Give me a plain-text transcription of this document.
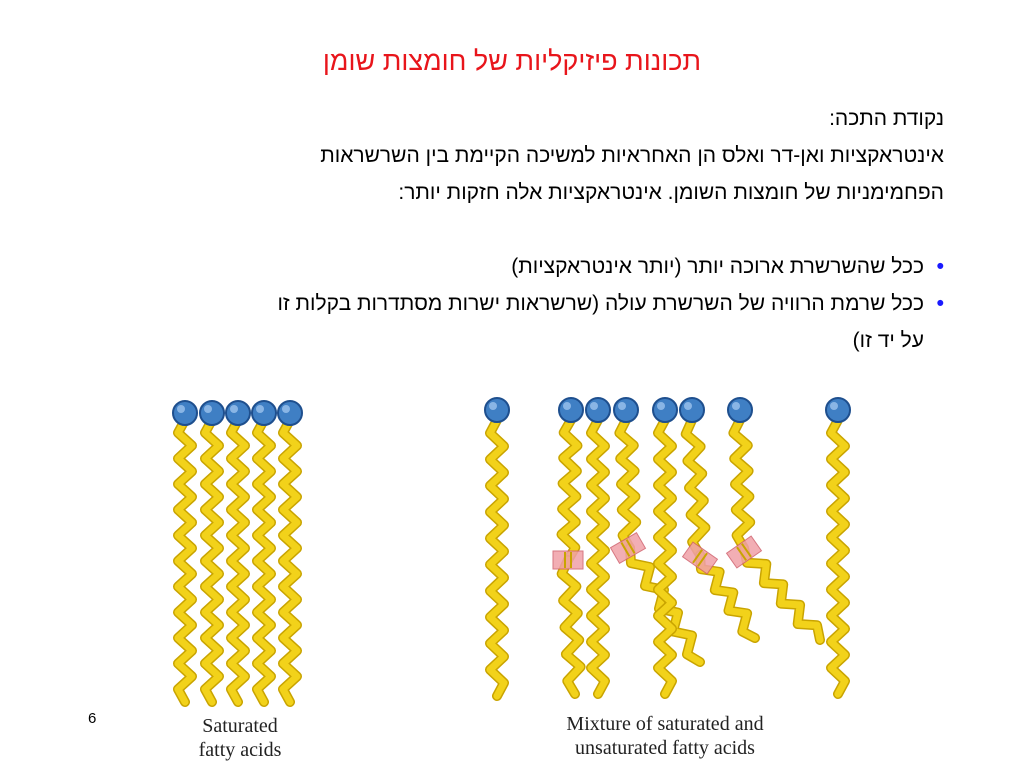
תכונות פיזיקליות של חומצות שומן

נקודת התכה:

אינטראקציות ואן-דר ואלס הן האחראיות למשיכה הקיימת בין השרשראות

הפחמימניות של חומצות השומן. אינטראקציות אלה חזקות יותר:

•
ככל שהשרשרת ארוכה יותר (יותר אינטראקציות)

•
ככל שרמת הרוויה של השרשרת עולה (שרשראות ישרות מסתדרות בקלות זו

על יד זו)

6	Saturated
fatty acids
Mixture of saturated and
unsaturated fatty acids
